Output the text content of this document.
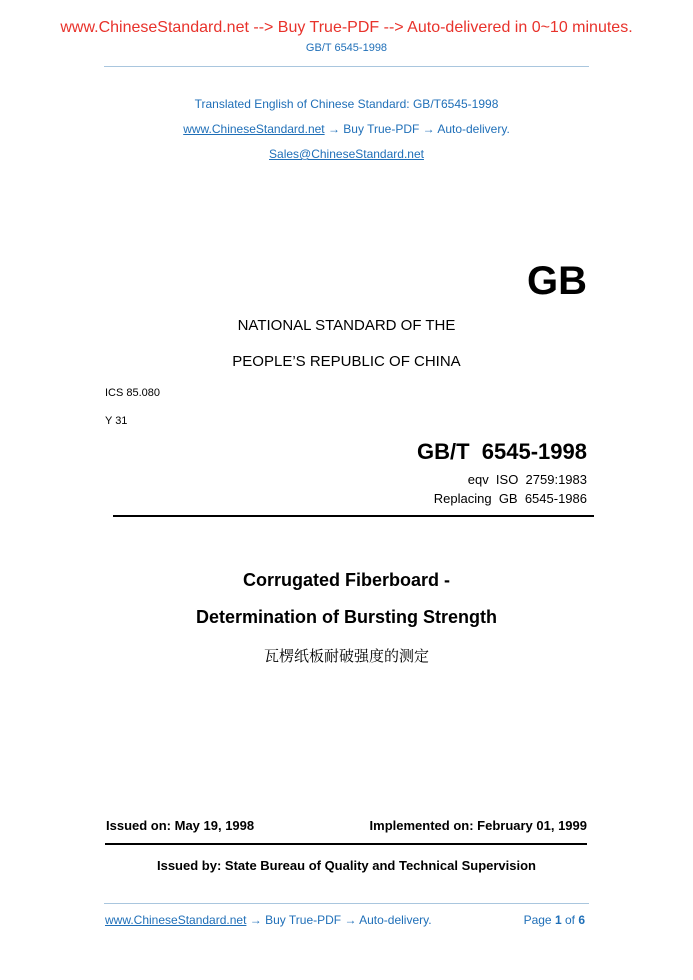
www.ChineseStandard.net --> Buy True-PDF --> Auto-delivered in 0~10 minutes.
GB/T 6545-1998
Translated English of Chinese Standard: GB/T6545-1998
www.ChineseStandard.net → Buy True-PDF → Auto-delivery.
Sales@ChineseStandard.net
GB
NATIONAL STANDARD OF THE
PEOPLE’S REPUBLIC OF CHINA
ICS 85.080
Y 31
GB/T  6545-1998
eqv  ISO  2759:1983
Replacing  GB  6545-1986
Corrugated Fiberboard -
Determination of Bursting Strength
瓦楞纸板耐破强度的测定
Issued on: May 19, 1998	Implemented on: February 01, 1999
Issued by: State Bureau of Quality and Technical Supervision
www.ChineseStandard.net → Buy True-PDF → Auto-delivery.	Page 1 of 6
